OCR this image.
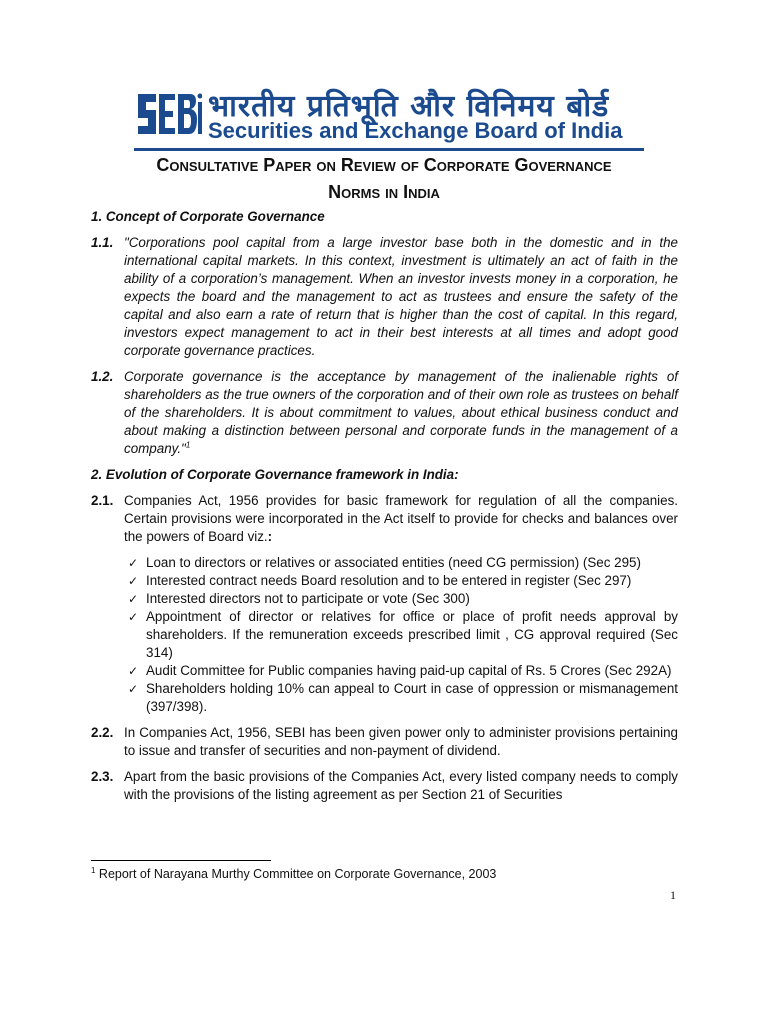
भारतीय प्रतिभूति और विनिमय बोर्ड
Securities and Exchange Board of India
Consultative Paper on Review of Corporate Governance
Norms in India
1. Concept of Corporate Governance
1.1. "Corporations pool capital from a large investor base both in the domestic and in the international capital markets. In this context, investment is ultimately an act of faith in the ability of a corporation’s management. When an investor invests money in a corporation, he expects the board and the management to act as trustees and ensure the safety of the capital and also earn a rate of return that is higher than the cost of capital. In this regard, investors expect management to act in their best interests at all times and adopt good corporate governance practices.
1.2. Corporate governance is the acceptance by management of the inalienable rights of shareholders as the true owners of the corporation and of their own role as trustees on behalf of the shareholders. It is about commitment to values, about ethical business conduct and about making a distinction between personal and corporate funds in the management of a company."$^1$
2. Evolution of Corporate Governance framework in India:
2.1. Companies Act, 1956 provides for basic framework for regulation of all the companies. Certain provisions were incorporated in the Act itself to provide for checks and balances over the powers of Board viz.:
✓ Loan to directors or relatives or associated entities (need CG permission) (Sec 295)
✓ Interested contract needs Board resolution and to be entered in register (Sec 297)
✓ Interested directors not to participate or vote (Sec 300)
✓ Appointment of director or relatives for office or place of profit needs approval by shareholders. If the remuneration exceeds prescribed limit , CG approval required (Sec 314)
✓ Audit Committee for Public companies having paid-up capital of Rs. 5 Crores (Sec 292A)
✓ Shareholders holding 10% can appeal to Court in case of oppression or mismanagement (397/398).
2.2. In Companies Act, 1956, SEBI has been given power only to administer provisions pertaining to issue and transfer of securities and non-payment of dividend.
2.3. Apart from the basic provisions of the Companies Act, every listed company needs to comply with the provisions of the listing agreement as per Section 21 of Securities
$^1$ Report of Narayana Murthy Committee on Corporate Governance, 2003
1
